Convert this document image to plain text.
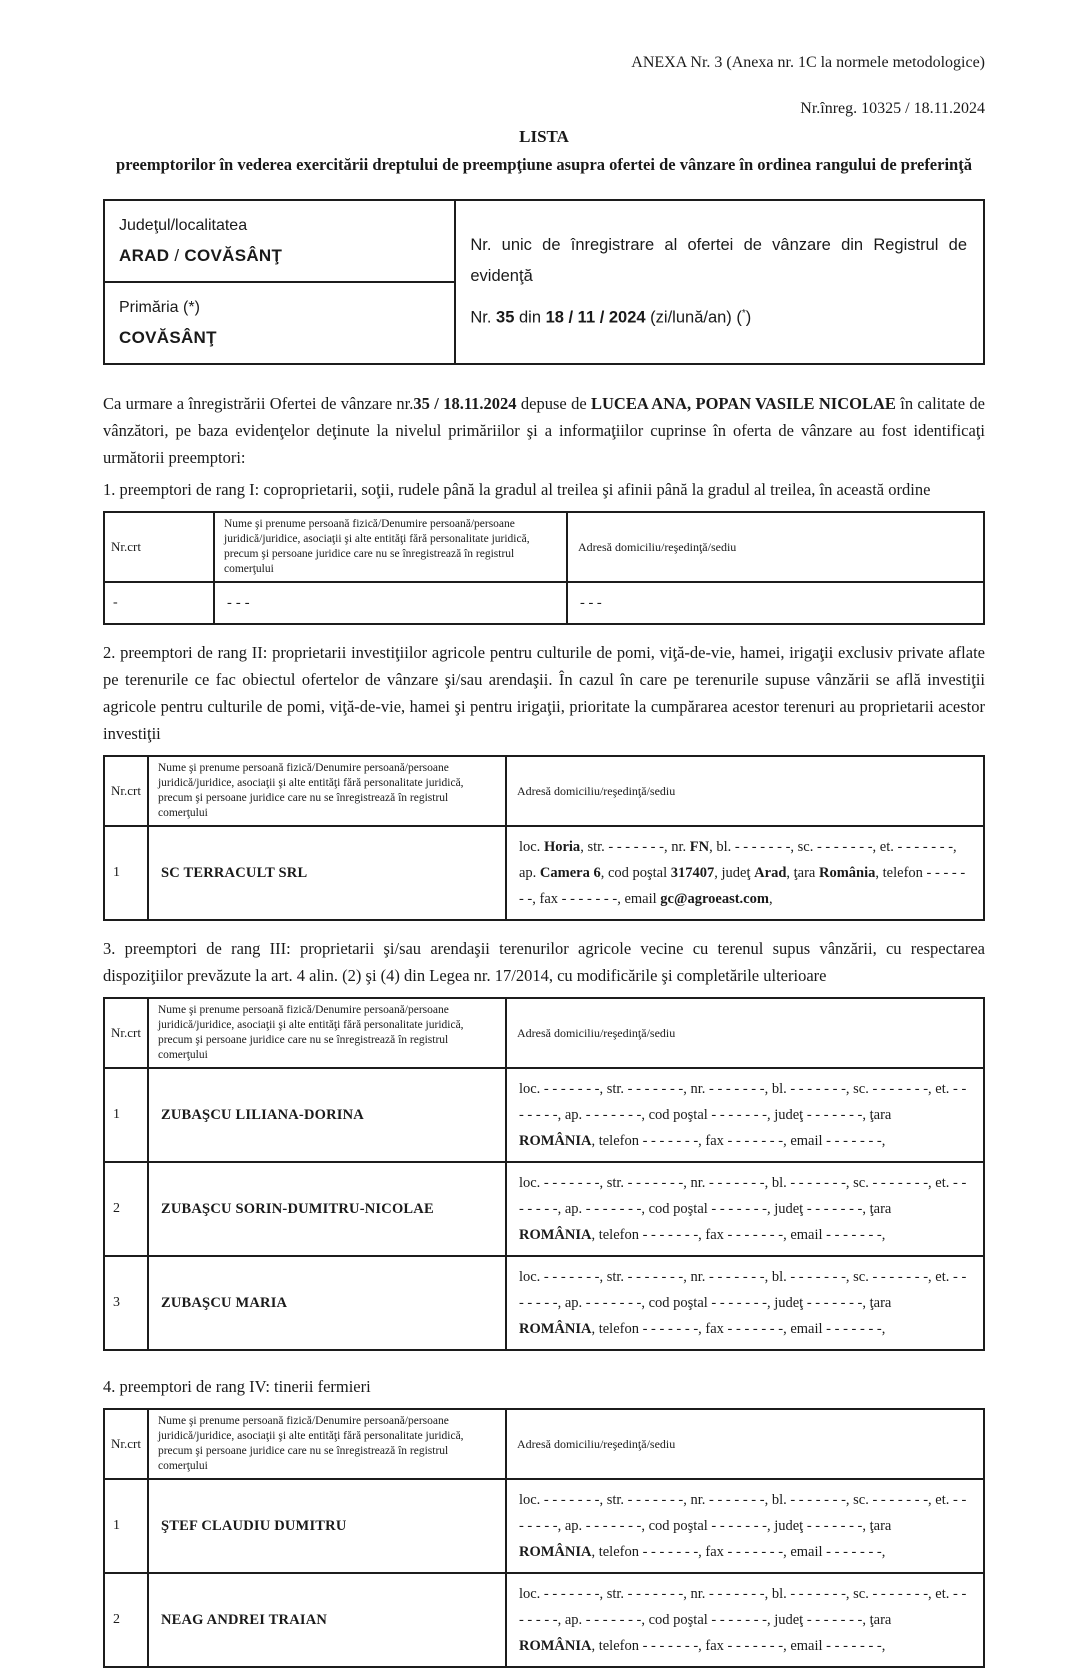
ANEXA Nr. 3 (Anexa nr. 1C la normele metodologice)
Nr.înreg. 10325 / 18.11.2024
LISTA
preemptorilor în vederea exercitării dreptului de preempţiune asupra ofertei de vânzare în ordinea rangului de preferinţă
Judeţul/localitatea
ARAD / COVĂSÂNŢ

Nr. unic de înregistrare al ofertei de vânzare din Registrul de evidenţă
Nr. 35 din 18 / 11 / 2024 (zi/lună/an) (*)

Primăria (*)
COVĂSÂNŢ
Ca urmare a înregistrării Ofertei de vânzare nr.35 / 18.11.2024 depuse de LUCEA ANA, POPAN VASILE NICOLAE în calitate de vânzători, pe baza evidenţelor deţinute la nivelul primăriilor şi a informaţiilor cuprinse în oferta de vânzare au fost identificaţi următorii preemptori:
1. preemptori de rang I: coproprietarii, soţii, rudele până la gradul al treilea şi afinii până la gradul al treilea, în această ordine
Nr.crt	Nume şi prenume persoană fizică/Denumire persoană/persoane juridică/juridice, asociaţii şi alte entităţi fără personalitate juridică, precum şi persoane juridice care nu se înregistrează în registrul comerţului	Adresă domiciliu/reşedinţă/sediu
-	- - -	- - -
2. preemptori de rang II: proprietarii investiţiilor agricole pentru culturile de pomi, viţă-de-vie, hamei, irigaţii exclusiv private aflate pe terenurile ce fac obiectul ofertelor de vânzare şi/sau arendaşii. În cazul în care pe terenurile supuse vânzării se află investiţii agricole pentru culturile de pomi, viţă-de-vie, hamei şi pentru irigaţii, prioritate la cumpărarea acestor terenuri au proprietarii acestor investiţii
Nr.crt	Nume şi prenume persoană fizică/Denumire persoană/persoane juridică/juridice, asociaţii şi alte entităţi fără personalitate juridică, precum şi persoane juridice care nu se înregistrează în registrul comerţului	Adresă domiciliu/reşedinţă/sediu
1	SC TERRACULT SRL	loc. Horia, str. - - - - - - -, nr. FN, bl. - - - - - - -, sc. - - - - - - -, et. - - - - - - -, ap. Camera 6, cod poştal 317407, judeţ Arad, ţara România, telefon - - - - - - -, fax - - - - - - -, email gc@agroeast.com,
3. preemptori de rang III: proprietarii şi/sau arendaşii terenurilor agricole vecine cu terenul supus vânzării, cu respectarea dispoziţiilor prevăzute la art. 4 alin. (2) şi (4) din Legea nr. 17/2014, cu modificările şi completările ulterioare
Nr.crt	Nume şi prenume persoană fizică/Denumire persoană/persoane juridică/juridice, asociaţii şi alte entităţi fără personalitate juridică, precum şi persoane juridice care nu se înregistrează în registrul comerţului	Adresă domiciliu/reşedinţă/sediu
1	ZUBAŞCU LILIANA-DORINA	loc. - - - - - - -, str. - - - - - - -, nr. - - - - - - -, bl. - - - - - - -, sc. - - - - - - -, et. - - - - - - -, ap. - - - - - - -, cod poştal - - - - - - -, judeţ - - - - - - -, ţara ROMÂNIA, telefon - - - - - - -, fax - - - - - - -, email - - - - - - -,
2	ZUBAŞCU SORIN-DUMITRU-NICOLAE	loc. - - - - - - -, str. - - - - - - -, nr. - - - - - - -, bl. - - - - - - -, sc. - - - - - - -, et. - - - - - - -, ap. - - - - - - -, cod poştal - - - - - - -, judeţ - - - - - - -, ţara ROMÂNIA, telefon - - - - - - -, fax - - - - - - -, email - - - - - - -,
3	ZUBAŞCU MARIA	loc. - - - - - - -, str. - - - - - - -, nr. - - - - - - -, bl. - - - - - - -, sc. - - - - - - -, et. - - - - - - -, ap. - - - - - - -, cod poştal - - - - - - -, judeţ - - - - - - -, ţara ROMÂNIA, telefon - - - - - - -, fax - - - - - - -, email - - - - - - -,
4. preemptori de rang IV: tinerii fermieri
Nr.crt	Nume şi prenume persoană fizică/Denumire persoană/persoane juridică/juridice, asociaţii şi alte entităţi fără personalitate juridică, precum şi persoane juridice care nu se înregistrează în registrul comerţului	Adresă domiciliu/reşedinţă/sediu
1	ŞTEF CLAUDIU DUMITRU	loc. - - - - - - -, str. - - - - - - -, nr. - - - - - - -, bl. - - - - - - -, sc. - - - - - - -, et. - - - - - - -, ap. - - - - - - -, cod poştal - - - - - - -, judeţ - - - - - - -, ţara ROMÂNIA, telefon - - - - - - -, fax - - - - - - -, email - - - - - - -,
2	NEAG ANDREI TRAIAN	loc. - - - - - - -, str. - - - - - - -, nr. - - - - - - -, bl. - - - - - - -, sc. - - - - - - -, et. - - - - - - -, ap. - - - - - - -, cod poştal - - - - - - -, judeţ - - - - - - -, ţara ROMÂNIA, telefon - - - - - - -, fax - - - - - - -, email - - - - - - -,
